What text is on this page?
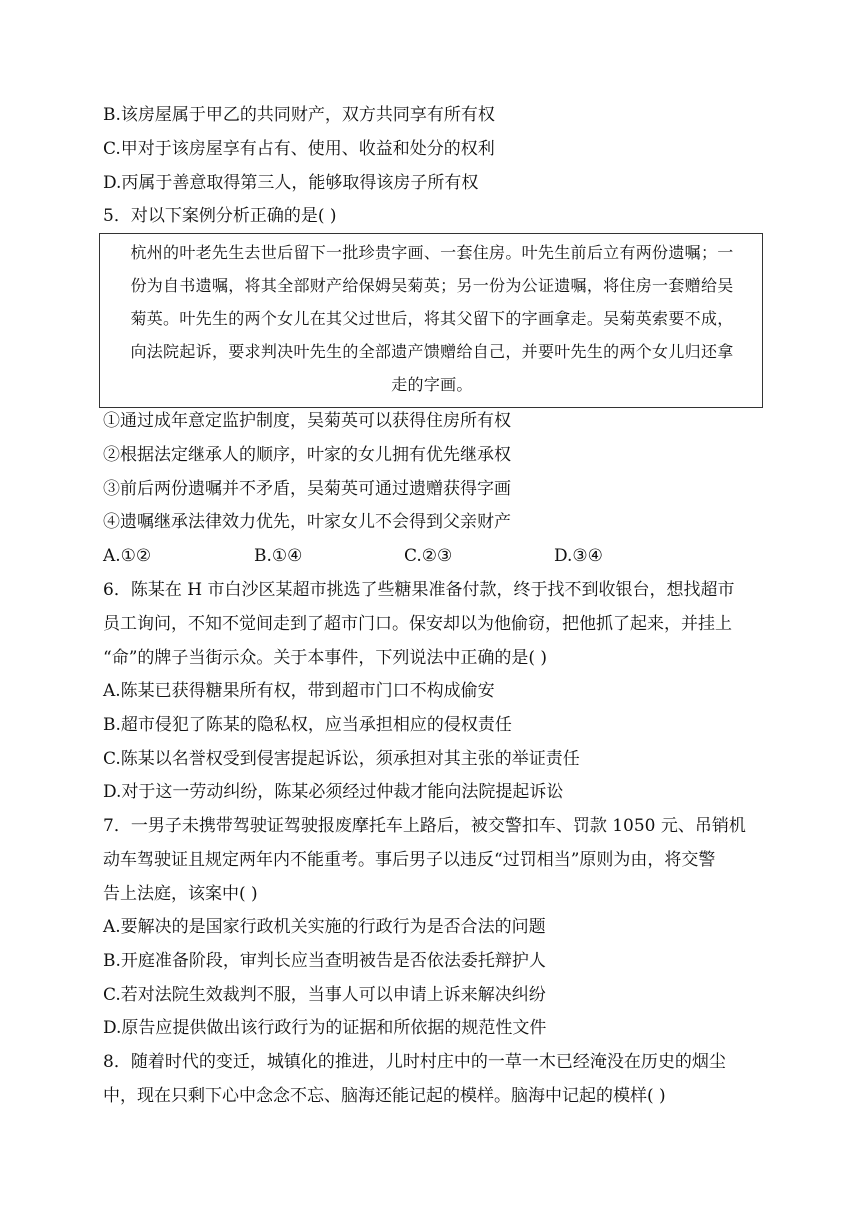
B.该房屋属于甲乙的共同财产，双方共同享有所有权
C.甲对于该房屋享有占有、使用、收益和处分的权利
D.丙属于善意取得第三人，能够取得该房子所有权
5．对以下案例分析正确的是( )
杭州的叶老先生去世后留下一批珍贵字画、一套住房。叶先生前后立有两份遗嘱；一
份为自书遗嘱，将其全部财产给保姆吴菊英；另一份为公证遗嘱，将住房一套赠给吴
菊英。叶先生的两个女儿在其父过世后，将其父留下的字画拿走。吴菊英索要不成，
向法院起诉，要求判决叶先生的全部遗产馈赠给自己，并要叶先生的两个女儿归还拿
走的字画。
①通过成年意定监护制度，吴菊英可以获得住房所有权
②根据法定继承人的顺序，叶家的女儿拥有优先继承权
③前后两份遗嘱并不矛盾，吴菊英可通过遗赠获得字画
④遗嘱继承法律效力优先，叶家女儿不会得到父亲财产
A.①②	B.①④	C.②③	D.③④
6．陈某在 H 市白沙区某超市挑选了些糖果准备付款，终于找不到收银台，想找超市
员工询问，不知不觉间走到了超市门口。保安却以为他偷窃，把他抓了起来，并挂上
“命”的牌子当街示众。关于本事件，下列说法中正确的是( )
A.陈某已获得糖果所有权，带到超市门口不构成偷安
B.超市侵犯了陈某的隐私权，应当承担相应的侵权责任
C.陈某以名誉权受到侵害提起诉讼，须承担对其主张的举证责任
D.对于这一劳动纠纷，陈某必须经过仲裁才能向法院提起诉讼
7．一男子未携带驾驶证驾驶报废摩托车上路后，被交警扣车、罚款 1050 元、吊销机
动车驾驶证且规定两年内不能重考。事后男子以违反“过罚相当”原则为由，将交警
告上法庭，该案中( )
A.要解决的是国家行政机关实施的行政行为是否合法的问题
B.开庭准备阶段，审判长应当查明被告是否依法委托辩护人
C.若对法院生效裁判不服，当事人可以申请上诉来解决纠纷
D.原告应提供做出该行政行为的证据和所依据的规范性文件
8．随着时代的变迁，城镇化的推进，儿时村庄中的一草一木已经淹没在历史的烟尘
中，现在只剩下心中念念不忘、脑海还能记起的模样。脑海中记起的模样( )
